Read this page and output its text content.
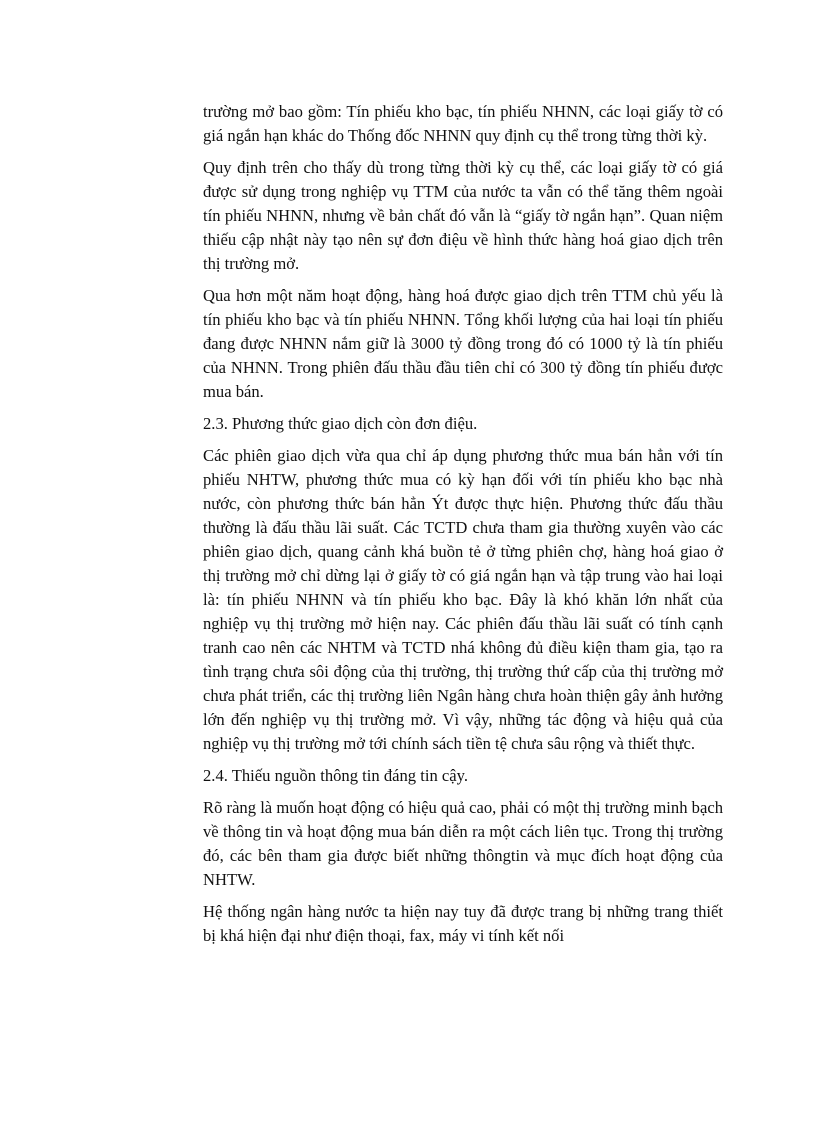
trường mở bao gồm: Tín phiếu kho bạc, tín phiếu NHNN, các loại giấy tờ có giá ngắn hạn khác do Thống đốc NHNN quy định cụ thể trong từng thời kỳ.

Quy định trên cho thấy dù trong từng thời kỳ cụ thể, các loại giấy tờ có giá được sử dụng trong nghiệp vụ TTM của nước ta vẫn có thể tăng thêm ngoài tín phiếu NHNN, nhưng về bản chất đó vẫn là “giấy tờ ngắn hạn”. Quan niệm thiếu cập nhật này tạo nên sự đơn điệu về hình thức hàng hoá giao dịch trên thị trường mở.

Qua hơn một năm hoạt động, hàng hoá được giao dịch trên TTM chủ yếu là tín phiếu kho bạc và tín phiếu NHNN. Tổng khối lượng của hai loại tín phiếu đang được NHNN nắm giữ là 3000 tỷ đồng trong đó có 1000 tỷ là tín phiếu của NHNN. Trong phiên đấu thầu đầu tiên chỉ có 300 tỷ đồng tín phiếu được mua bán.

2.3. Phương thức giao dịch còn đơn điệu.

Các phiên giao dịch vừa qua chỉ áp dụng phương thức mua bán hẳn với tín phiếu NHTW, phương thức mua có kỳ hạn đối với tín phiếu kho bạc nhà nước, còn phương thức bán hẳn Ýt được thực hiện. Phương thức đấu thầu thường là đấu thầu lãi suất. Các TCTD chưa tham gia thường xuyên vào các phiên giao dịch, quang cảnh khá buồn tẻ ở từng phiên chợ, hàng hoá giao ở thị trường mở chỉ dừng lại ở giấy tờ có giá ngắn hạn và tập trung vào hai loại là: tín phiếu NHNN và tín phiếu kho bạc. Đây là khó khăn lớn nhất của nghiệp vụ thị trường mở hiện nay. Các phiên đấu thầu lãi suất có tính cạnh tranh cao nên các NHTM và TCTD nhá không đủ điều kiện tham gia, tạo ra tình trạng chưa sôi động của thị trường, thị trường thứ cấp của thị trường mở chưa phát triển, các thị trường liên Ngân hàng chưa hoàn thiện gây ảnh hưởng lớn đến nghiệp vụ thị trường mở. Vì vậy, những tác động và hiệu quả của nghiệp vụ thị trường mở tới chính sách tiền tệ chưa sâu rộng và thiết thực.

2.4. Thiếu nguồn thông tin đáng tin cậy.

Rõ ràng là muốn hoạt động có hiệu quả cao, phải có một thị trường minh bạch về thông tin và hoạt động mua bán diễn ra một cách liên tục. Trong thị trường đó, các bên tham gia được biết những thôngtin và mục đích hoạt động của NHTW.

Hệ thống ngân hàng nước ta hiện nay tuy đã được trang bị những trang thiết bị khá hiện đại như điện thoại, fax, máy vi tính kết nối
